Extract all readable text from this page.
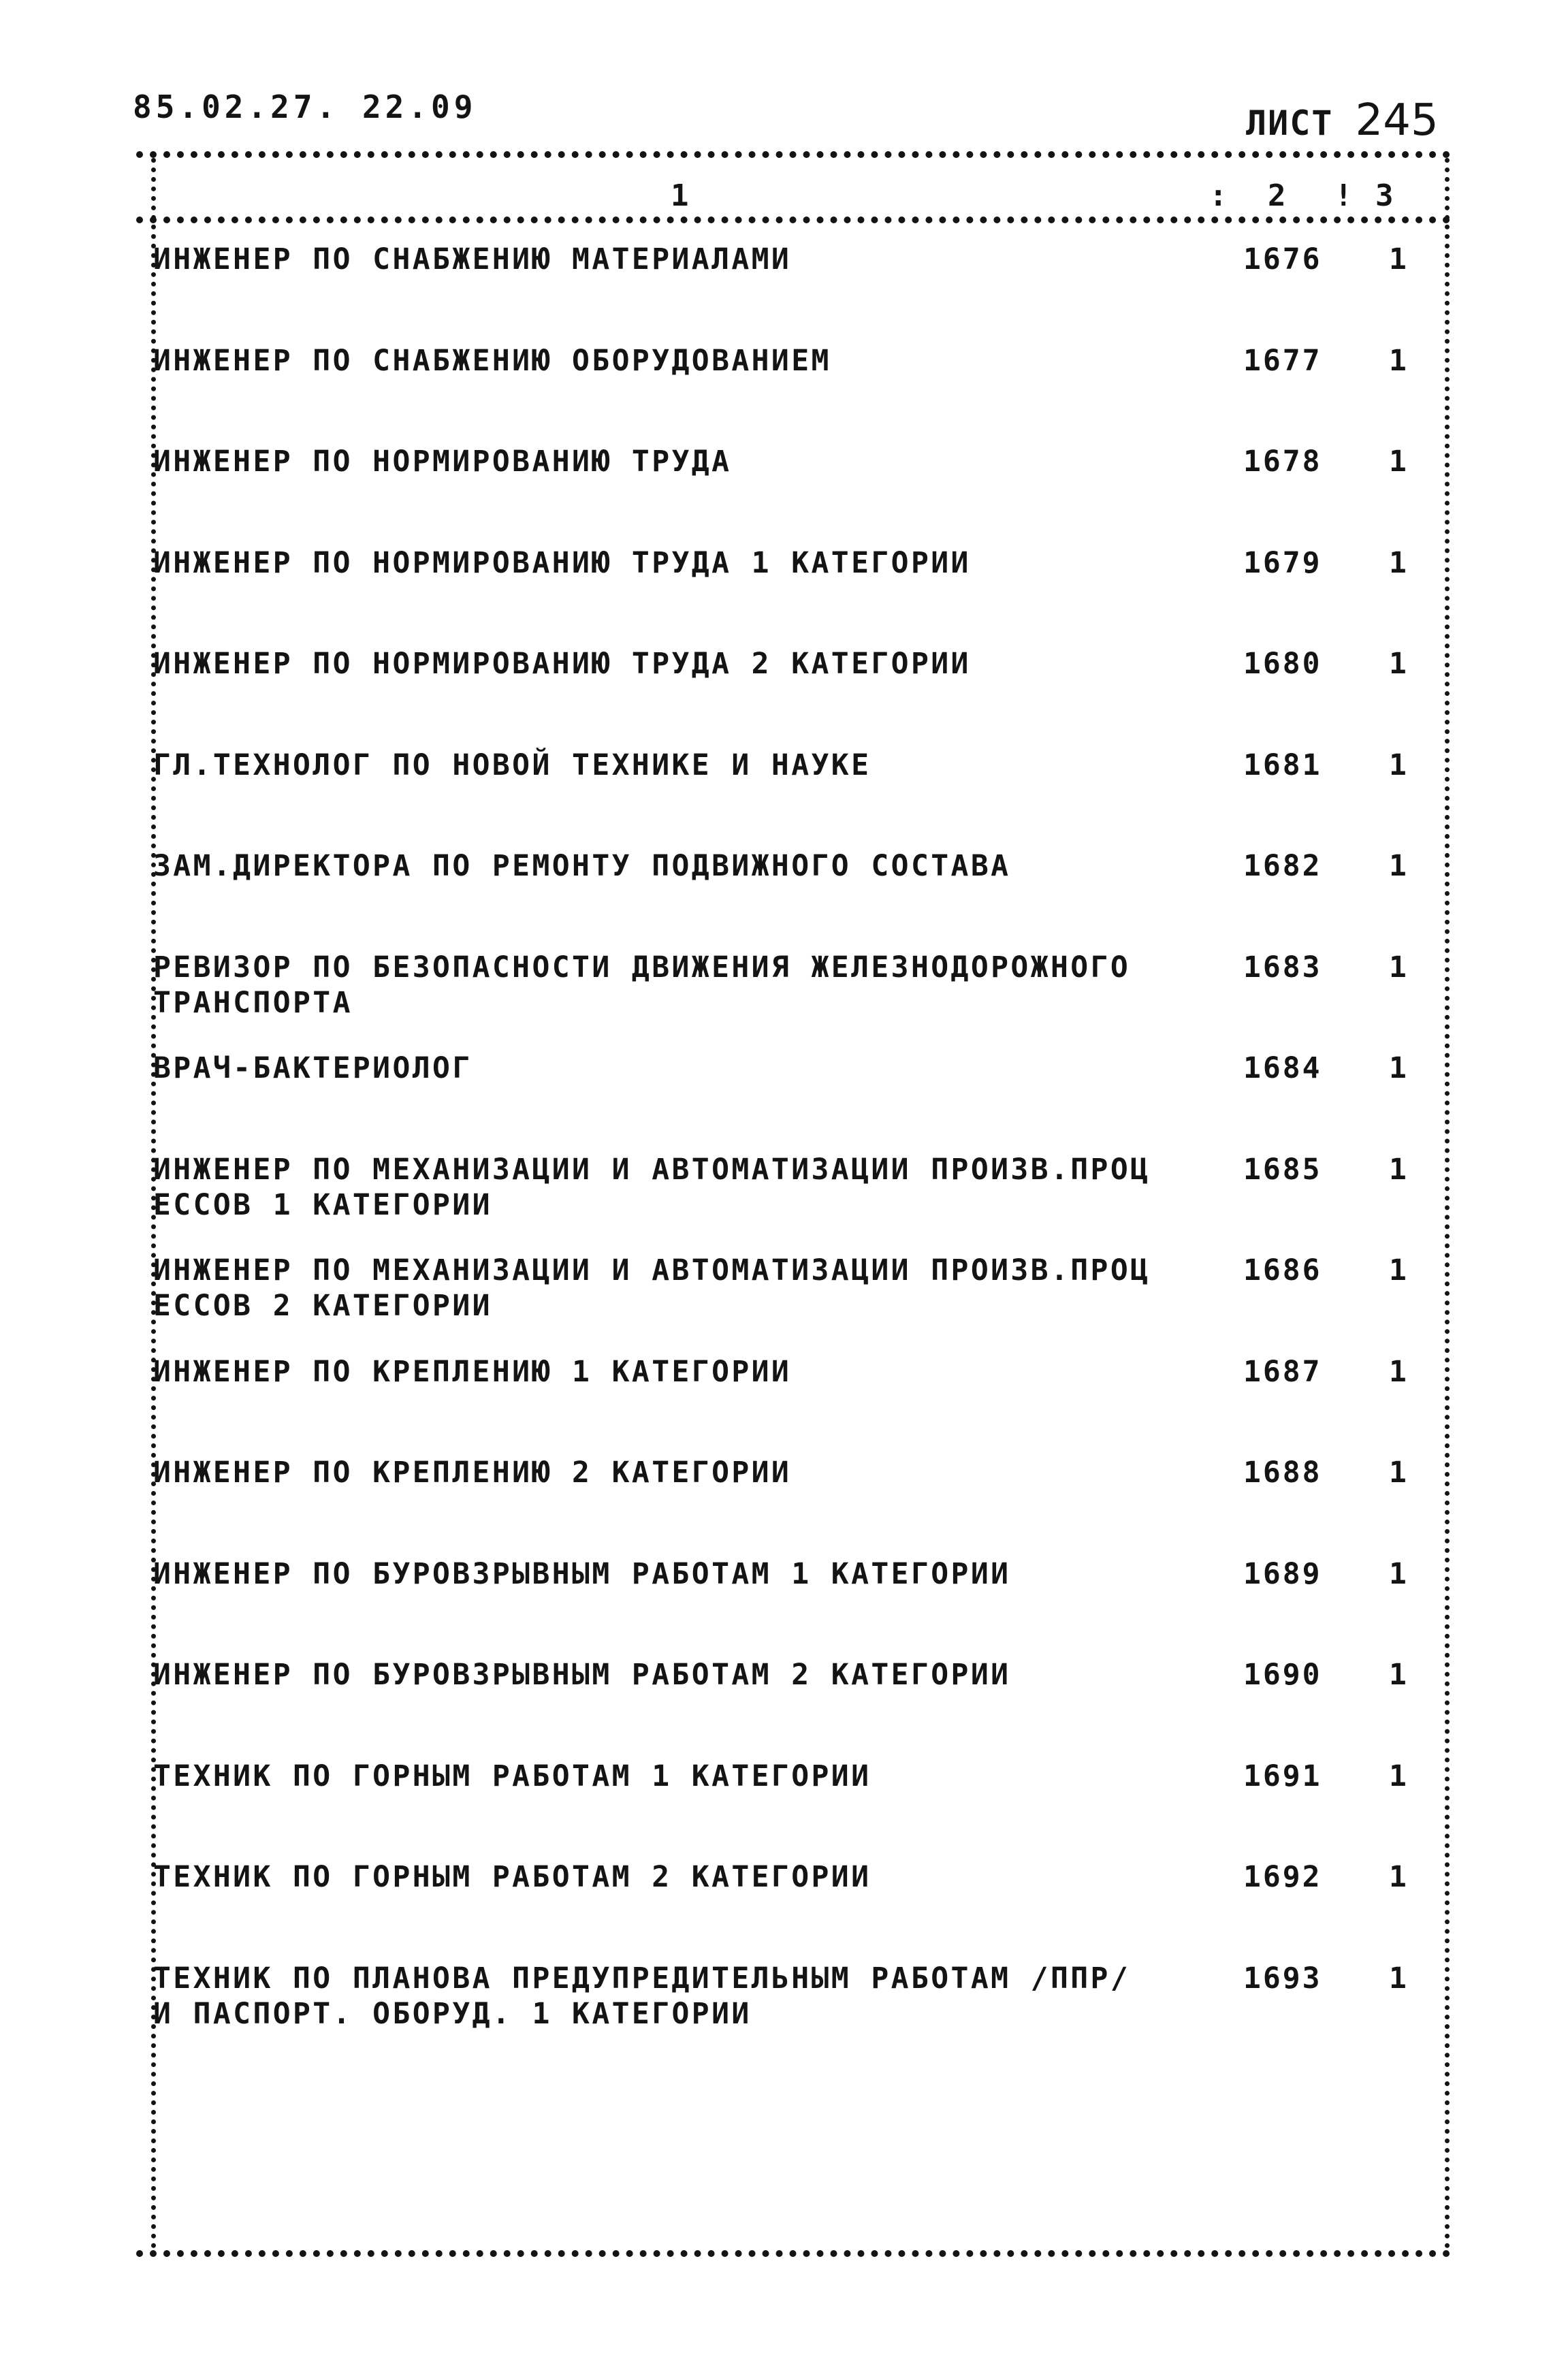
85.02.27. 22.09	ЛИСТ 245
1	: 2 ! 3
ИНЖЕНЕР ПО СНАБЖЕНИЮ МАТЕРИАЛАМИ	1676	1
ИНЖЕНЕР ПО СНАБЖЕНИЮ ОБОРУДОВАНИЕМ	1677	1
ИНЖЕНЕР ПО НОРМИРОВАНИЮ ТРУДА	1678	1
ИНЖЕНЕР ПО НОРМИРОВАНИЮ ТРУДА 1 КАТЕГОРИИ	1679	1
ИНЖЕНЕР ПО НОРМИРОВАНИЮ ТРУДА 2 КАТЕГОРИИ	1680	1
ГЛ.ТЕХНОЛОГ ПО НОВОЙ ТЕХНИКЕ И НАУКЕ	1681	1
ЗАМ.ДИРЕКТОРА ПО РЕМОНТУ ПОДВИЖНОГО СОСТАВА	1682	1
РЕВИЗОР ПО БЕЗОПАСНОСТИ ДВИЖЕНИЯ ЖЕЛЕЗНОДОРОЖНОГО
ТРАНСПОРТА
1683	1
ВРАЧ-БАКТЕРИОЛОГ	1684	1
ИНЖЕНЕР ПО МЕХАНИЗАЦИИ И АВТОМАТИЗАЦИИ ПРОИЗВ.ПРОЦ
ЕССОВ 1 КАТЕГОРИИ
1685	1
ИНЖЕНЕР ПО МЕХАНИЗАЦИИ И АВТОМАТИЗАЦИИ ПРОИЗВ.ПРОЦ
ЕССОВ 2 КАТЕГОРИИ
1686	1
ИНЖЕНЕР ПО КРЕПЛЕНИЮ 1 КАТЕГОРИИ	1687	1
ИНЖЕНЕР ПО КРЕПЛЕНИЮ 2 КАТЕГОРИИ	1688	1
ИНЖЕНЕР ПО БУРОВЗРЫВНЫМ РАБОТАМ 1 КАТЕГОРИИ	1689	1
ИНЖЕНЕР ПО БУРОВЗРЫВНЫМ РАБОТАМ 2 КАТЕГОРИИ	1690	1
ТЕХНИК ПО ГОРНЫМ РАБОТАМ 1 КАТЕГОРИИ	1691	1
ТЕХНИК ПО ГОРНЫМ РАБОТАМ 2 КАТЕГОРИИ	1692	1
ТЕХНИК ПО ПЛАНОВА ПРЕДУПРЕДИТЕЛЬНЫМ РАБОТАМ /ППР/
И ПАСПОРТ. ОБОРУД. 1 КАТЕГОРИИ
1693	1
